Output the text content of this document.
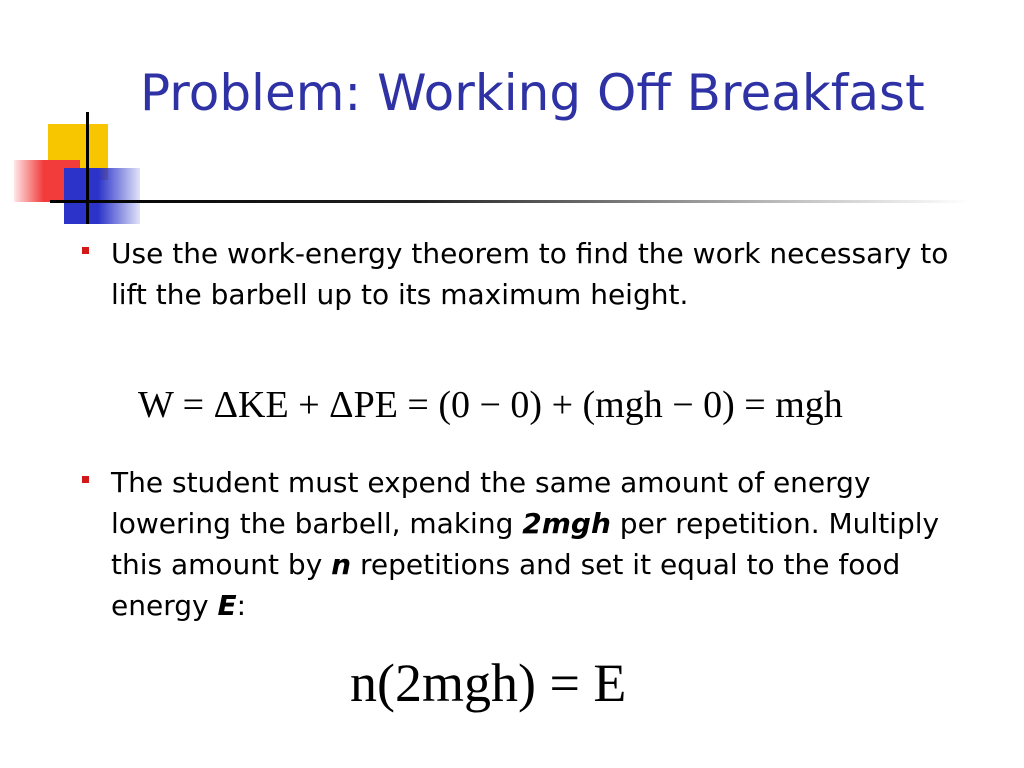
Problem: Working Off Breakfast
Use the work-energy theorem to find the work necessary to lift the barbell up to its maximum height.
W = ΔKE + ΔPE = (0 − 0) + (mgh − 0) = mgh
The student must expend the same amount of energy lowering the barbell, making 2mgh per repetition. Multiply this amount by n repetitions and set it equal to the food energy E:
n(2mgh) = E
